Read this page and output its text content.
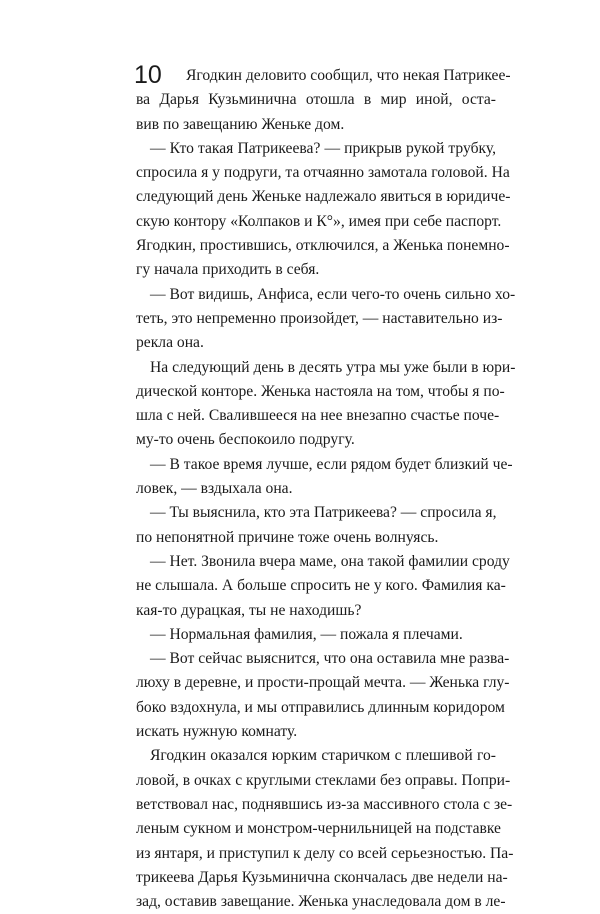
10	Ягодкин деловито сообщил, что некая Патрикее-
ва Дарья Кузьминична отошла в мир иной, оста-
вив по завещанию Женьке дом.
— Кто такая Патрикеева? — прикрыв рукой трубку,
спросила я у подруги, та отчаянно замотала головой. На
следующий день Женьке надлежало явиться в юридиче-
скую контору «Колпаков и К°», имея при себе паспорт.
Ягодкин, простившись, отключился, а Женька понемно-
гу начала приходить в себя.
— Вот видишь, Анфиса, если чего-то очень сильно хо-
теть, это непременно произойдет, — наставительно из-
рекла она.
На следующий день в десять утра мы уже были в юри-
дической конторе. Женька настояла на том, чтобы я по-
шла с ней. Свалившееся на нее внезапно счастье поче-
му-то очень беспокоило подругу.
— В такое время лучше, если рядом будет близкий че-
ловек, — вздыхала она.
— Ты выяснила, кто эта Патрикеева? — спросила я,
по непонятной причине тоже очень волнуясь.
— Нет. Звонила вчера маме, она такой фамилии сроду
не слышала. А больше спросить не у кого. Фамилия ка-
кая-то дурацкая, ты не находишь?
— Нормальная фамилия, — пожала я плечами.
— Вот сейчас выяснится, что она оставила мне разва-
люху в деревне, и прости-прощай мечта. — Женька глу-
боко вздохнула, и мы отправились длинным коридором
искать нужную комнату.
Ягодкин оказался юрким старичком с плешивой го-
ловой, в очках с круглыми стеклами без оправы. Попри-
ветствовал нас, поднявшись из-за массивного стола с зе-
леным сукном и монстром-чернильницей на подставке
из янтаря, и приступил к делу со всей серьезностью. Па-
трикеева Дарья Кузьминична скончалась две недели на-
зад, оставив завещание. Женька унаследовала дом в ле-
